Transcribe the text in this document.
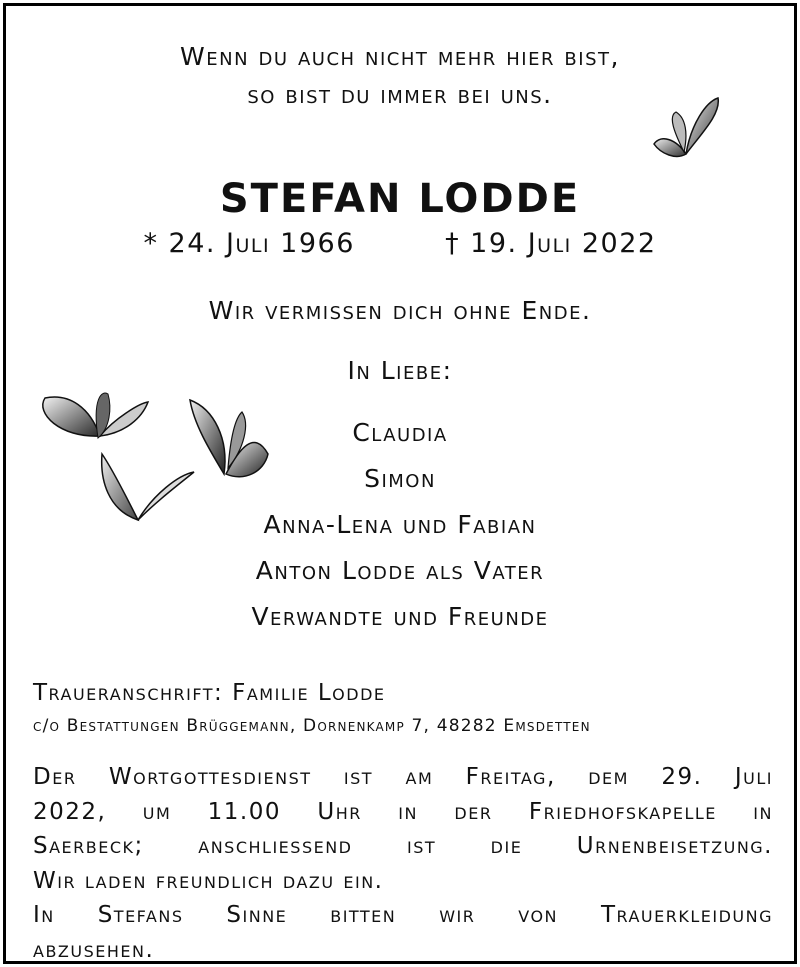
Wenn du auch nicht mehr hier bist,
so bist du immer bei uns.
STEFAN LODDE
* 24. Juli 1966	† 19. Juli 2022
Wir vermissen dich ohne Ende.
In Liebe:
Claudia
Simon
Anna-Lena und Fabian
Anton Lodde als Vater
Verwandte und Freunde
Traueranschrift: Familie Lodde
c/o Bestattungen Brüggemann, Dornenkamp 7, 48282 Emsdetten
Der Wortgottesdienst ist am Freitag, dem 29. Juli
2022, um 11.00 Uhr in der Friedhofskapelle in
Saerbeck; anschliessend ist die Urnenbeisetzung.
Wir laden freundlich dazu ein.
In Stefans Sinne bitten wir von Trauerkleidung
abzusehen.
